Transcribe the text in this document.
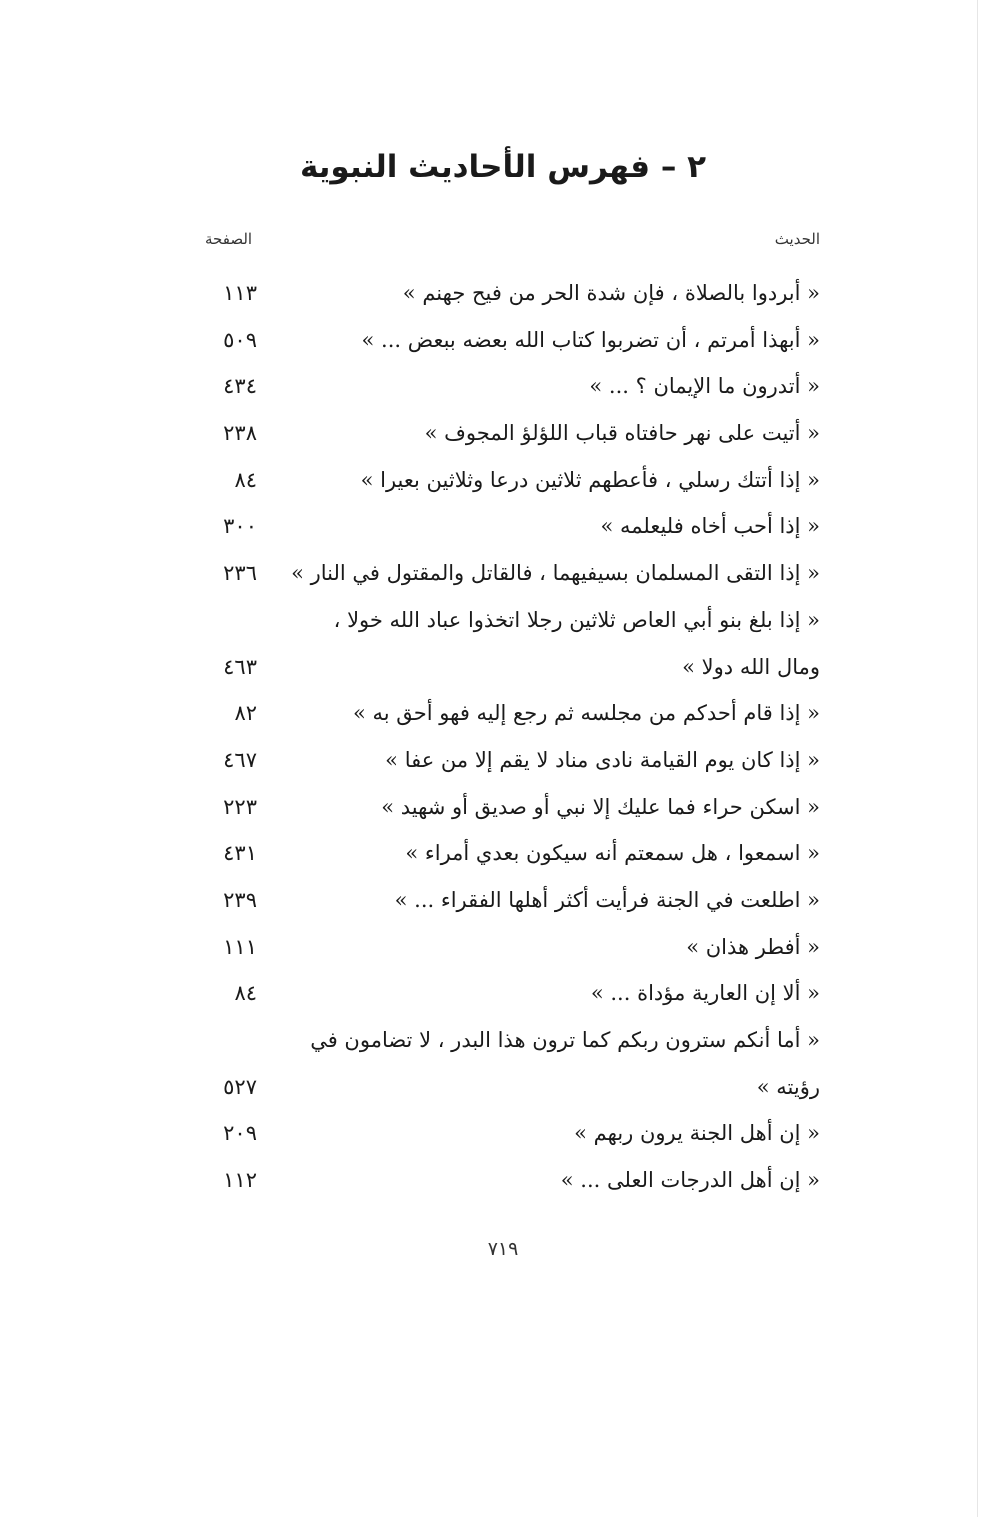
٢ – فهرس الأحاديث النبوية
الحديث
الصفحة
« أبردوا بالصلاة ، فإن شدة الحر من فيح جهنم »
١١٣
« أبهذا أمرتم ، أن تضربوا كتاب الله بعضه ببعض ... »
٥٠٩
« أتدرون ما الإيمان ؟ ... »
٤٣٤
« أتيت على نهر حافتاه قباب اللؤلؤ المجوف »
٢٣٨
« إذا أتتك رسلي ، فأعطهم ثلاثين درعا وثلاثين بعيرا »
٨٤
« إذا أحب أخاه فليعلمه »
٣٠٠
« إذا التقى المسلمان بسيفيهما ، فالقاتل والمقتول في النار »
٢٣٦
« إذا بلغ بنو أبي العاص ثلاثين رجلا اتخذوا عباد الله خولا ،
ومال الله دولا »
٤٦٣
« إذا قام أحدكم من مجلسه ثم رجع إليه فهو أحق به »
٨٢
« إذا كان يوم القيامة نادى مناد لا يقم إلا من عفا »
٤٦٧
« اسكن حراء فما عليك إلا نبي أو صديق أو شهيد »
٢٢٣
« اسمعوا ، هل سمعتم أنه سيكون بعدي أمراء »
٤٣١
« اطلعت في الجنة فرأيت أكثر أهلها الفقراء ... »
٢٣٩
« أفطر هذان »
١١١
« ألا إن العارية مؤداة ... »
٨٤
« أما أنكم سترون ربكم كما ترون هذا البدر ، لا تضامون في
رؤيته »
٥٢٧
« إن أهل الجنة يرون ربهم »
٢٠٩
« إن أهل الدرجات العلى ... »
١١٢
٧١٩
